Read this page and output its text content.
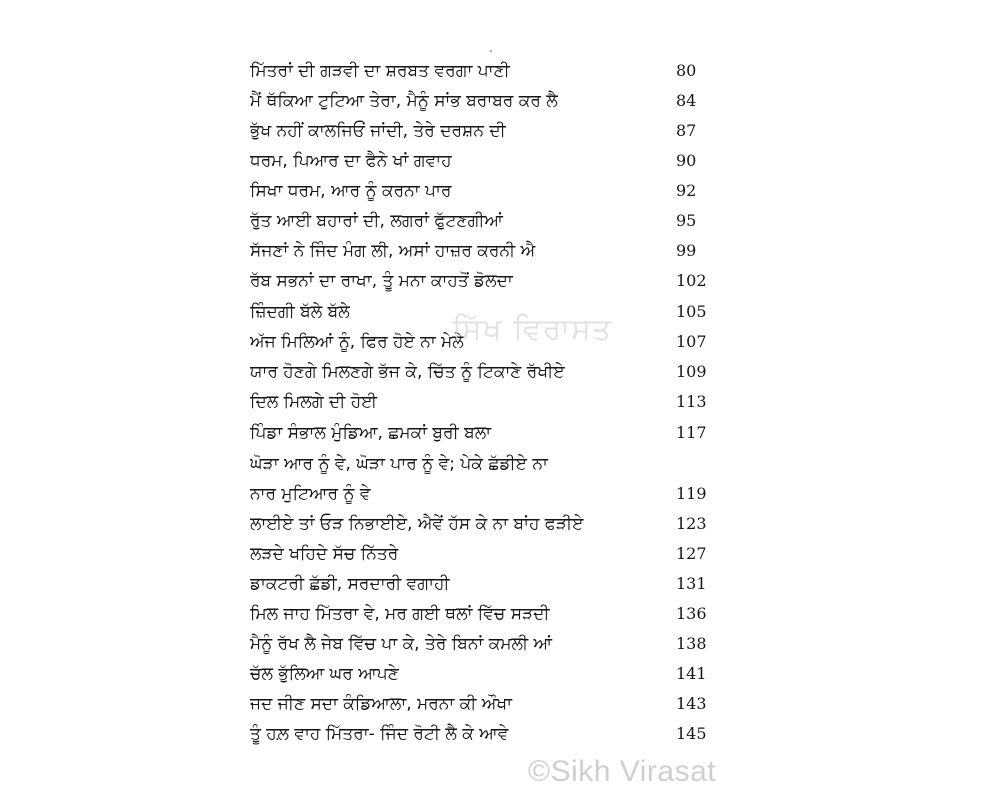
ਮਿੱਤਰਾਂ ਦੀ ਗੜਵੀ ਦਾ ਸ਼ਰਬਤ ਵਰਗਾ ਪਾਣੀ	80
ਮੈਂ ਥੱਕਿਆ ਟੁਟਿਆ ਤੇਰਾ, ਮੈਨੂੰ ਸਾਂਭ ਬਰਾਬਰ ਕਰ ਲੈ	84
ਭੁੱਖ ਨਹੀਂ ਕਾਲਜਿਓਂ ਜਾਂਦੀ, ਤੇਰੇ ਦਰਸ਼ਨ ਦੀ	87
ਧਰਮ, ਪਿਆਰ ਦਾ ਫੈਨੇ ਖਾਂ ਗਵਾਹ	90
ਸਿਖਾ ਧਰਮ, ਆਰ ਨੂੰ ਕਰਨਾ ਪਾਰ	92
ਰੁੱਤ ਆਈ ਬਹਾਰਾਂ ਦੀ, ਲਗਰਾਂ ਫੁੱਟਣਗੀਆਂ	95
ਸੱਜਣਾਂ ਨੇ ਜਿੰਦ ਮੰਗ ਲੀ, ਅਸਾਂ ਹਾਜ਼ਰ ਕਰਨੀ ਐ	99
ਰੱਬ ਸਭਨਾਂ ਦਾ ਰਾਖਾ, ਤੂੰ ਮਨਾ ਕਾਹਤੋਂ ਡੋਲਦਾ	102
ਜ਼ਿੰਦਗੀ ਬੱਲੇ ਬੱਲੇ	105
ਅੱਜ ਮਿਲਿਆਂ ਨੂੰ, ਫਿਰ ਹੋਏ ਨਾ ਮੇਲੇ	107
ਯਾਰ ਹੋਣਗੇ ਮਿਲਣਗੇ ਭੱਜ ਕੇ, ਚਿੱਤ ਨੂੰ ਟਿਕਾਣੇ ਰੱਖੀਏ	109
ਦਿਲ ਮਿਲਗੇ ਦੀ ਹੋਈ	113
ਪਿੰਡਾ ਸੰਭਾਲ ਮੁੰਡਿਆ, ਛਮਕਾਂ ਬੁਰੀ ਬਲਾ	117
ਘੋੜਾ ਆਰ ਨੂੰ ਵੇ, ਘੋੜਾ ਪਾਰ ਨੂੰ ਵੇ; ਪੇਕੇ ਛੱਡੀਏ ਨਾ
ਨਾਰ ਮੁਟਿਆਰ ਨੂੰ ਵੇ	119
ਲਾਈਏ ਤਾਂ ਓੜ ਨਿਭਾਈਏ, ਐਵੇਂ ਹੱਸ ਕੇ ਨਾ ਬਾਂਹ ਫੜੀਏ	123
ਲੜਦੇ ਖਹਿਦੇ ਸੱਚ ਨਿੱਤਰੇ	127
ਡਾਕਟਰੀ ਛੱਡੀ, ਸਰਦਾਰੀ ਵਗਾਹੀ	131
ਮਿਲ ਜਾਹ ਮਿੱਤਰਾ ਵੇ, ਮਰ ਗਈ ਥਲਾਂ ਵਿੱਚ ਸੜਦੀ	136
ਮੈਨੂੰ ਰੱਖ ਲੈ ਜੇਬ ਵਿੱਚ ਪਾ ਕੇ, ਤੇਰੇ ਬਿਨਾਂ ਕਮਲੀ ਆਂ	138
ਚੱਲ ਭੁੱਲਿਆ ਘਰ ਆਪਣੇ	141
ਜਦ ਜੀਣ ਸਦਾ ਕੰਡਿਆਲਾ, ਮਰਨਾ ਕੀ ਔਖਾ	143
ਤੂੰ ਹਲ਼ ਵਾਹ ਮਿੱਤਰਾ- ਜਿੰਦ ਰੋਟੀ ਲੈ ਕੇ ਆਵੇ	145
ਸਿੱਖ ਵਿਰਾਸਤ
©Sikh Virasat
